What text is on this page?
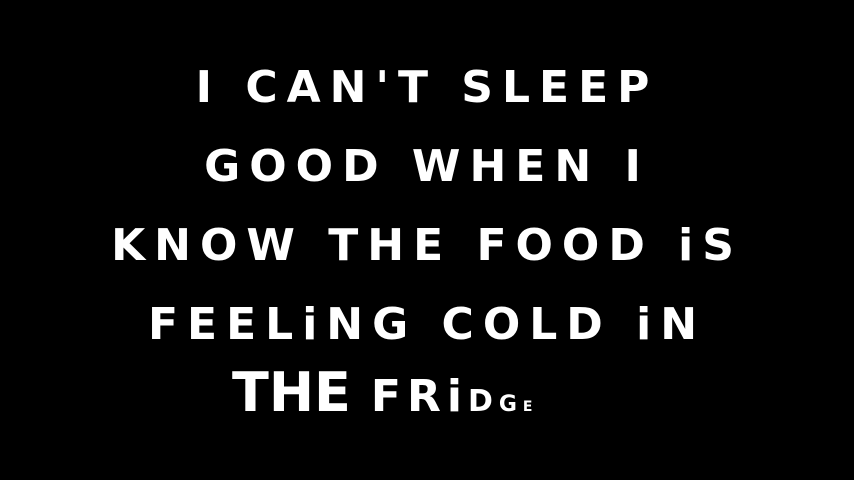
I CAN'T SLEEP
GOOD WHEN I
KNOW THE FOOD iS
FEELiNG COLD iN
THE FRiDGE
